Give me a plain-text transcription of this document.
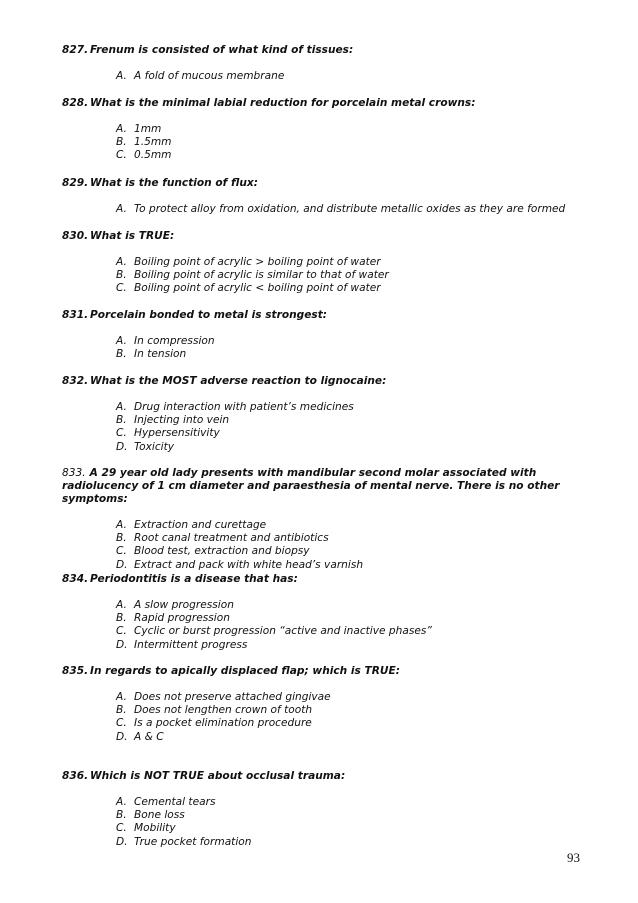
827. Frenum is consisted of what kind of tissues:
A. A fold of mucous membrane
828. What is the minimal labial reduction for porcelain metal crowns:
A. 1mm
B. 1.5mm
C. 0.5mm
829. What is the function of flux:
A. To protect alloy from oxidation, and distribute metallic oxides as they are formed
830. What is TRUE:
A. Boiling point of acrylic > boiling point of water
B. Boiling point of acrylic is similar to that of water
C. Boiling point of acrylic < boiling point of water
831. Porcelain bonded to metal is strongest:
A. In compression
B. In tension
832. What is the MOST adverse reaction to lignocaine:
A. Drug interaction with patient’s medicines
B. Injecting into vein
C. Hypersensitivity
D. Toxicity
833. A 29 year old lady presents with mandibular second molar associated with radiolucency of 1 cm diameter and paraesthesia of mental nerve. There is no other symptoms:
A. Extraction and curettage
B. Root canal treatment and antibiotics
C. Blood test, extraction and biopsy
D. Extract and pack with white head’s varnish
834. Periodontitis is a disease that has:
A. A slow progression
B. Rapid progression
C. Cyclic or burst progression “active and inactive phases”
D. Intermittent progress
835. In regards to apically displaced flap; which is TRUE:
A. Does not preserve attached gingivae
B. Does not lengthen crown of tooth
C. Is a pocket elimination procedure
D. A & C
836. Which is NOT TRUE about occlusal trauma:
A. Cemental tears
B. Bone loss
C. Mobility
D. True pocket formation
93
